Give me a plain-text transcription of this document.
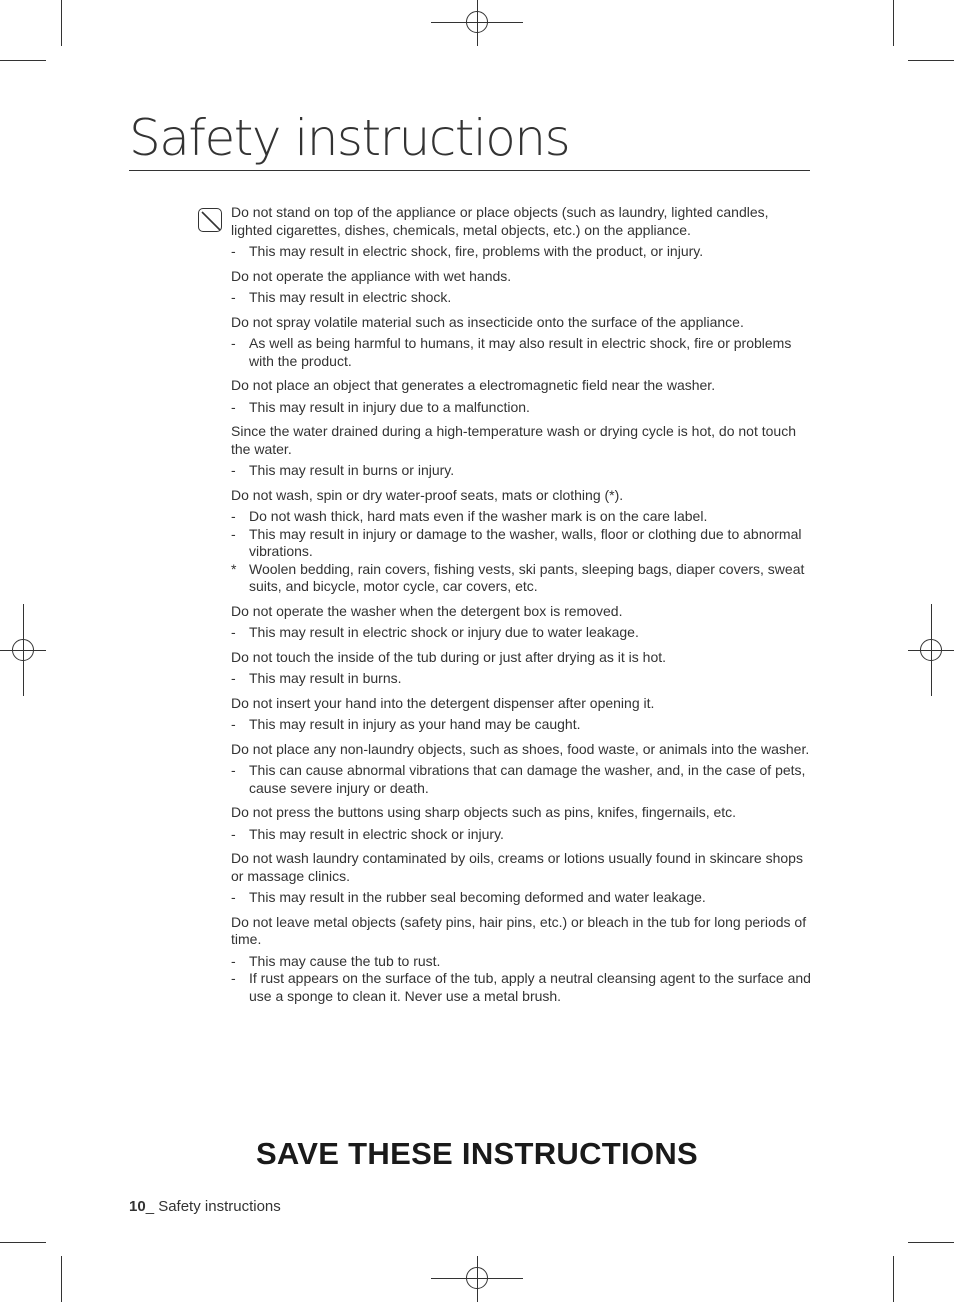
Safety instructions

Do not stand on top of the appliance or place objects (such as laundry, lighted candles, lighted cigarettes, dishes, chemicals, metal objects, etc.) on the appliance.

- This may result in electric shock, fire, problems with the product, or injury.

Do not operate the appliance with wet hands.

- This may result in electric shock.

Do not spray volatile material such as insecticide onto the surface of the appliance.

- As well as being harmful to humans, it may also result in electric shock, fire or problems with the product.

Do not place an object that generates a electromagnetic field near the washer.

- This may result in injury due to a malfunction.

Since the water drained during a high-temperature wash or drying cycle is hot, do not touch the water.

- This may result in burns or injury.

Do not wash, spin or dry water-proof seats, mats or clothing (*).

- Do not wash thick, hard mats even if the washer mark is on the care label.

- This may result in injury or damage to the washer, walls, floor or clothing due to abnormal vibrations.

* Woolen bedding, rain covers, fishing vests, ski pants, sleeping bags, diaper covers, sweat suits, and bicycle, motor cycle, car covers, etc.

Do not operate the washer when the detergent box is removed.

- This may result in electric shock or injury due to water leakage.

Do not touch the inside of the tub during or just after drying as it is hot.

- This may result in burns.

Do not insert your hand into the detergent dispenser after opening it.

- This may result in injury as your hand may be caught.

Do not place any non-laundry objects, such as shoes, food waste, or animals into the washer.

- This can cause abnormal vibrations that can damage the washer, and, in the case of pets, cause severe injury or death.

Do not press the buttons using sharp objects such as pins, knifes, fingernails, etc.

- This may result in electric shock or injury.

Do not wash laundry contaminated by oils, creams or lotions usually found in skincare shops or massage clinics.

- This may result in the rubber seal becoming deformed and water leakage.

Do not leave metal objects (safety pins, hair pins, etc.) or bleach in the tub for long periods of time.

- This may cause the tub to rust.

- If rust appears on the surface of the tub, apply a neutral cleansing agent to the surface and use a sponge to clean it. Never use a metal brush.

SAVE THESE INSTRUCTIONS
10_ Safety instructions
